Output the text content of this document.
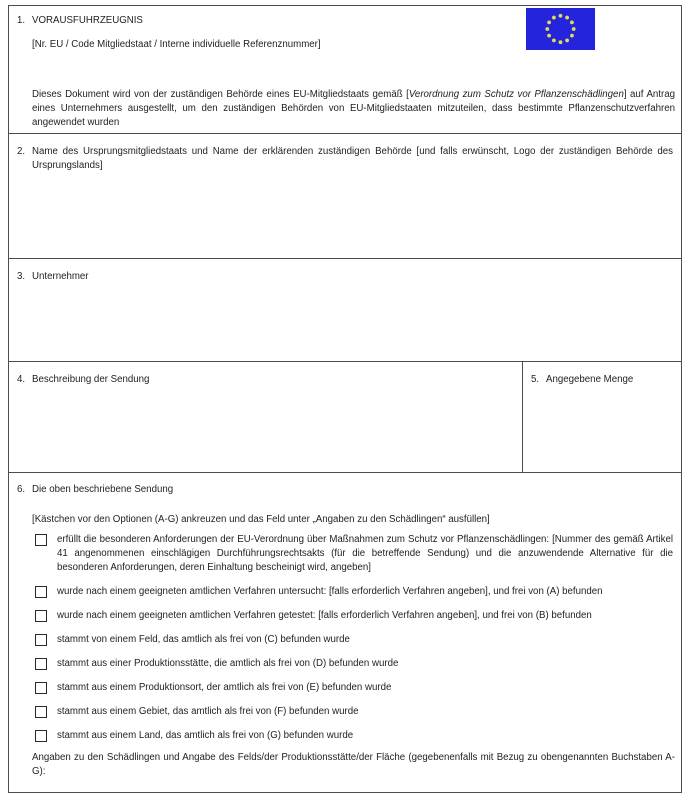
1. VORAUSFUHRZEUGNIS
[Nr. EU / Code Mitgliedstaat / Interne individuelle Referenznummer]
Dieses Dokument wird von der zuständigen Behörde eines EU-Mitgliedstaats gemäß [Verordnung zum Schutz vor Pflanzenschädlingen] auf Antrag eines Unternehmers ausgestellt, um den zuständigen Behörden von EU-Mitgliedstaaten mitzuteilen, dass bestimmte Pflanzenschutzverfahren angewendet wurden
2. Name des Ursprungsmitgliedstaats und Name der erklärenden zuständigen Behörde [und falls erwünscht, Logo der zuständigen Behörde des Ursprungslands]
3. Unternehmer
4. Beschreibung der Sendung	5. Angegebene Menge
6. Die oben beschriebene Sendung
[Kästchen vor den Optionen (A-G) ankreuzen und das Feld unter „Angaben zu den Schädlingen“ ausfüllen]
erfüllt die besonderen Anforderungen der EU-Verordnung über Maßnahmen zum Schutz vor Pflanzenschädlingen: [Nummer des gemäß Artikel 41 angenommenen einschlägigen Durchführungsrechtsakts (für die betreffende Sendung) und die anzuwendende Alternative für die besonderen Anforderungen, deren Einhaltung bescheinigt wird, angeben]
wurde nach einem geeigneten amtlichen Verfahren untersucht: [falls erforderlich Verfahren angeben], und frei von (A) befunden
wurde nach einem geeigneten amtlichen Verfahren getestet: [falls erforderlich Verfahren angeben], und frei von (B) befunden
stammt von einem Feld, das amtlich als frei von (C) befunden wurde
stammt aus einer Produktionsstätte, die amtlich als frei von (D) befunden wurde
stammt aus einem Produktionsort, der amtlich als frei von (E) befunden wurde
stammt aus einem Gebiet, das amtlich als frei von (F) befunden wurde
stammt aus einem Land, das amtlich als frei von (G) befunden wurde
Angaben zu den Schädlingen und Angabe des Felds/der Produktionsstätte/der Fläche (gegebenenfalls mit Bezug zu obengenannten Buchstaben A-G):
